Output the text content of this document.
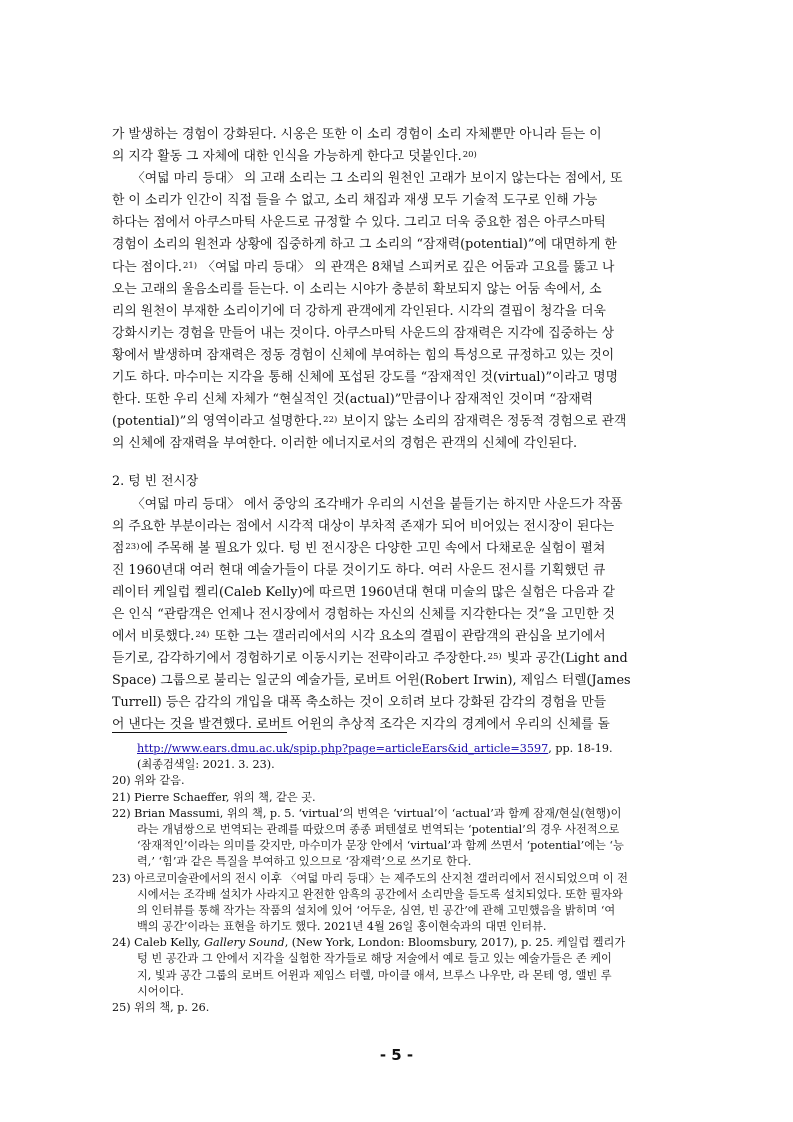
가 발생하는 경험이 강화된다. 시옹은 또한 이 소리 경험이 소리 자체뿐만 아니라 듣는 이
의 지각 활동 그 자체에 대한 인식을 가능하게 한다고 덧붙인다. 20)
〈여덟 마리 등대〉 의 고래 소리는 그 소리의 원천인 고래가 보이지 않는다는 점에서, 또
한 이 소리가 인간이 직접 들을 수 없고, 소리 채집과 재생 모두 기술적 도구로 인해 가능
하다는 점에서 아쿠스마틱 사운드로 규정할 수 있다. 그리고 더욱 중요한 점은 아쿠스마틱
경험이 소리의 원천과 상황에 집중하게 하고 그 소리의 “잠재력(potential)”에 대면하게 한
다는 점이다. 21)
〈여덟 마리 등대〉 의 관객은 8채널 스피커로 깊은 어둠과 고요를 뚫고 나
오는 고래의 울음소리를 듣는다. 이 소리는 시야가 충분히 확보되지 않는 어둠 속에서, 소
리의 원천이 부재한 소리이기에 더 강하게 관객에게 각인된다. 시각의 결핍이 청각을 더욱
강화시키는 경험을 만들어 내는 것이다. 아쿠스마틱 사운드의 잠재력은 지각에 집중하는 상
황에서 발생하며 잠재력은 정동 경험이 신체에 부여하는 힘의 특성으로 규정하고 있는 것이
기도 하다. 마수미는 지각을 통해 신체에 포섭된 강도를 “잠재적인 것(virtual)”이라고 명명
한다. 또한 우리 신체 자체가 “현실적인 것(actual)”만큼이나 잠재적인 것이며 “잠재력
(potential)”의 영역이라고 설명한다. 22)
보이지 않는 소리의 잠재력은 정동적 경험으로 관객
의 신체에 잠재력을 부여한다. 이러한 에너지로서의 경험은 관객의 신체에 각인된다.
2. 텅 빈 전시장
〈여덟 마리 등대〉 에서 중앙의 조각배가 우리의 시선을 붙들기는 하지만 사운드가 작품
의 주요한 부분이라는 점에서 시각적 대상이 부차적 존재가 되어 비어있는 전시장이 된다는
점 23) 에 주목해 볼 필요가 있다. 텅 빈 전시장은 다양한 고민 속에서 다채로운 실험이 펼쳐
진 1960년대 여러 현대 예술가들이 다룬 것이기도 하다. 여러 사운드 전시를 기획했던 큐
레이터 케일럽 켈리(Caleb Kelly)에 따르면 1960년대 현대 미술의 많은 실험은 다음과 같
은 인식 “관람객은 언제나 전시장에서 경험하는 자신의 신체를 지각한다는 것”을 고민한 것
에서 비롯했다. 24)
또한 그는 갤러리에서의 시각 요소의 결핍이 관람객의 관심을 보기에서
듣기로, 감각하기에서 경험하기로 이동시키는 전략이라고 주장한다. 25)
빛과 공간(Light and
Space) 그룹으로 불리는 일군의 예술가들, 로버트 어윈(Robert Irwin), 제임스 터렐(James
Turrell) 등은 감각의 개입을 대폭 축소하는 것이 오히려 보다 강화된 감각의 경험을 만들
어 낸다는 것을 발견했다. 로버트 어윈의 추상적 조각은 지각의 경계에서 우리의 신체를 돌
http://www.ears.dmu.ac.uk/spip.php?page=articleEars&id_article=3597, pp. 18-19.
(최종검색일: 2021. 3. 23).
20) 위와 같음.
21) Pierre Schaeffer, 위의 책, 같은 곳.
22) Brian Massumi, 위의 책, p. 5. ‘virtual’의 번역은 ‘virtual’이 ‘actual’과 함께 잠재/현실(현행)이
라는 개념쌍으로 번역되는 관례를 따랐으며 종종 퍼텐셜로 번역되는 ‘potential’의 경우 사전적으로
‘잠재적인’이라는 의미를 갖지만, 마수미가 문장 안에서 ‘virtual’과 함께 쓰면서 ‘potential’에는 ‘능
력,’ ‘힘’과 같은 특질을 부여하고 있으므로 ‘잠재력’으로 쓰기로 한다.
23) 아르코미술관에서의 전시 이후 〈여덟 마리 등대〉는 제주도의 산지천 갤러리에서 전시되었으며 이 전
시에서는 조각배 설치가 사라지고 완전한 암흑의 공간에서 소리만을 듣도록 설치되었다. 또한 필자와
의 인터뷰를 통해 작가는 작품의 설치에 있어 ‘어두운, 심연, 빈 공간’에 관해 고민했음을 밝히며 ‘여
백의 공간’이라는 표현을 하기도 했다. 2021년 4월 26일 홍이현숙과의 대면 인터뷰.
24) Caleb Kelly, Gallery Sound, (New York, London: Bloomsbury, 2017), p. 25. 케일럽 켈리가
텅 빈 공간과 그 안에서 지각을 실험한 작가들로 해당 저술에서 예로 들고 있는 예술가들은 존 케이
지, 빛과 공간 그룹의 로버트 어윈과 제임스 터렐, 마이클 애셔, 브루스 나우만, 라 몬테 영, 앨빈 루
시어이다.
25) 위의 책, p. 26.
- 5 -
